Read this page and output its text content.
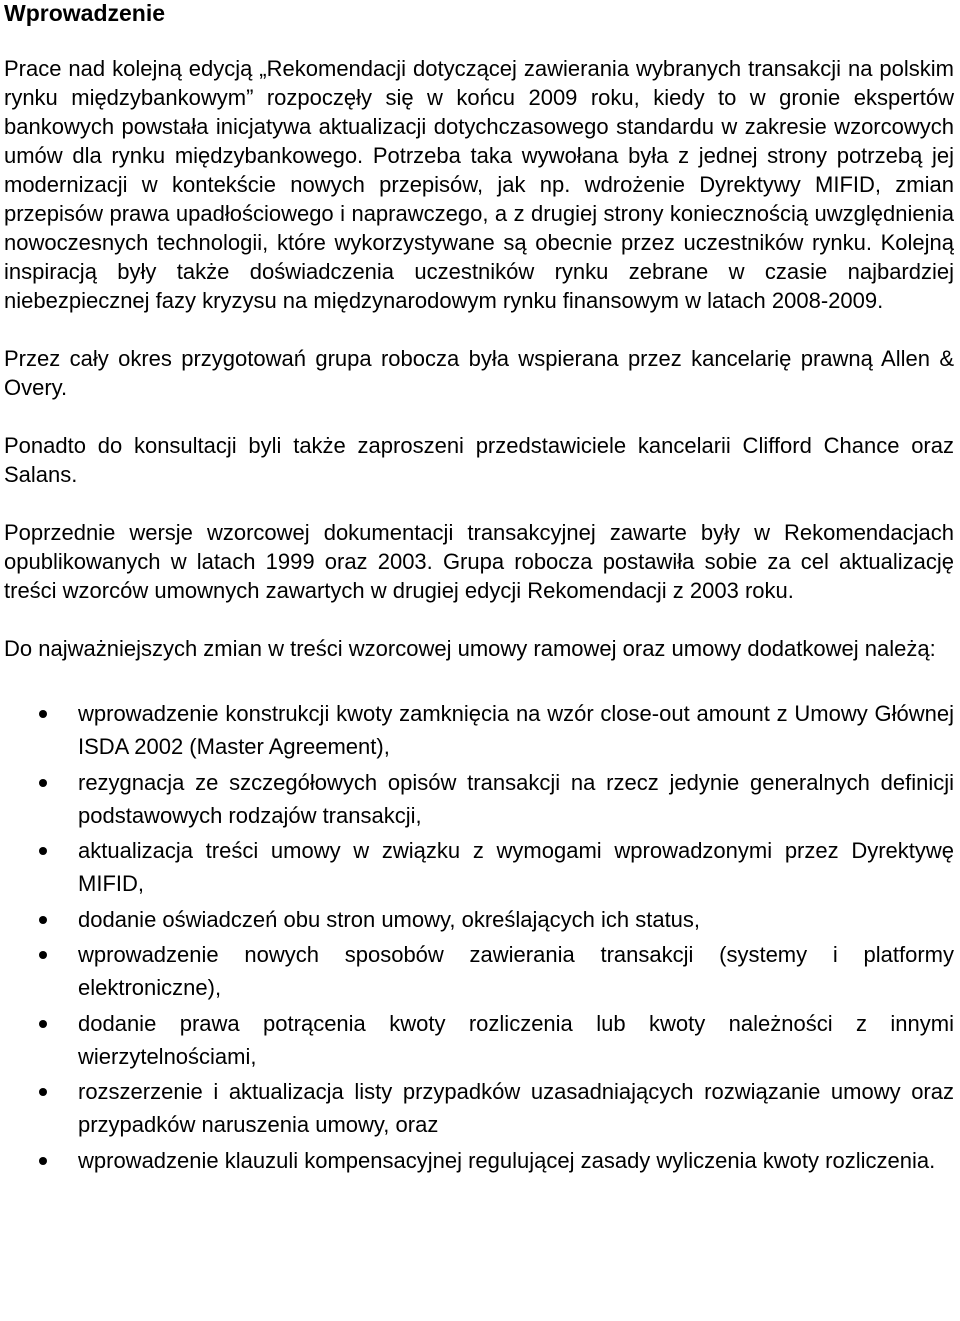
Wprowadzenie

Prace nad kolejną edycją „Rekomendacji dotyczącej zawierania wybranych transakcji na polskim rynku międzybankowym” rozpoczęły się w końcu 2009 roku, kiedy to w gronie ekspertów bankowych powstała inicjatywa aktualizacji dotychczasowego standardu w zakresie wzorcowych umów dla rynku międzybankowego. Potrzeba taka wywołana była z jednej strony potrzebą jej modernizacji w kontekście nowych przepisów, jak np. wdrożenie Dyrektywy MIFID, zmian przepisów prawa upadłościowego i naprawczego, a z drugiej strony koniecznością uwzględnienia nowoczesnych technologii, które wykorzystywane są obecnie przez uczestników rynku. Kolejną inspiracją były także doświadczenia uczestników rynku zebrane w czasie najbardziej niebezpiecznej fazy kryzysu na międzynarodowym rynku finansowym w latach 2008-2009.

Przez cały okres przygotowań grupa robocza była wspierana przez kancelarię prawną Allen & Overy.

Ponadto do konsultacji byli także zaproszeni przedstawiciele kancelarii Clifford Chance oraz Salans.

Poprzednie wersje wzorcowej dokumentacji transakcyjnej zawarte były w Rekomendacjach opublikowanych w latach 1999 oraz 2003. Grupa robocza postawiła sobie za cel aktualizację treści wzorców umownych zawartych w drugiej edycji Rekomendacji z 2003 roku.

Do najważniejszych zmian w treści wzorcowej umowy ramowej oraz umowy dodatkowej należą:

wprowadzenie konstrukcji kwoty zamknięcia na wzór close-out amount z Umowy Głównej ISDA 2002 (Master Agreement),
rezygnacja ze szczegółowych opisów transakcji na rzecz jedynie generalnych definicji podstawowych rodzajów transakcji,
aktualizacja treści umowy w związku z wymogami wprowadzonymi przez Dyrektywę MIFID,
dodanie oświadczeń obu stron umowy, określających ich status,
wprowadzenie nowych sposobów zawierania transakcji (systemy i platformy elektroniczne),
dodanie prawa potrącenia kwoty rozliczenia lub kwoty należności z innymi wierzytelnościami,
rozszerzenie i aktualizacja listy przypadków uzasadniających rozwiązanie umowy oraz przypadków naruszenia umowy, oraz
wprowadzenie klauzuli kompensacyjnej regulującej zasady wyliczenia kwoty rozliczenia.
